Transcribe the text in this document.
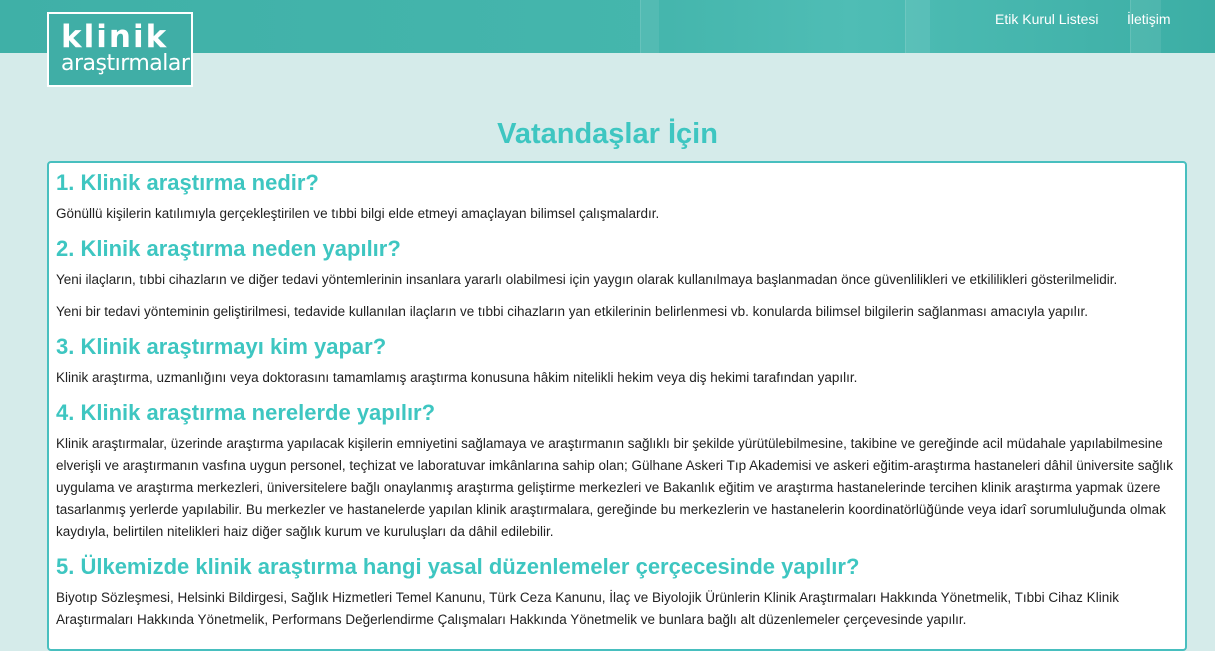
Etik Kurul Listesi İletişim
klinik
araştırmalar
Vatandaşlar İçin
1. Klinik araştırma nedir?

Gönüllü kişilerin katılımıyla gerçekleştirilen ve tıbbi bilgi elde etmeyi amaçlayan bilimsel çalışmalardır.

2. Klinik araştırma neden yapılır?

Yeni ilaçların, tıbbi cihazların ve diğer tedavi yöntemlerinin insanlara yararlı olabilmesi için yaygın olarak kullanılmaya başlanmadan önce güvenlilikleri ve etkililikleri gösterilmelidir.

Yeni bir tedavi yönteminin geliştirilmesi, tedavide kullanılan ilaçların ve tıbbi cihazların yan etkilerinin belirlenmesi vb. konularda bilimsel bilgilerin sağlanması amacıyla yapılır.

3. Klinik araştırmayı kim yapar?

Klinik araştırma, uzmanlığını veya doktorasını tamamlamış araştırma konusuna hâkim nitelikli hekim veya diş hekimi tarafından yapılır.

4. Klinik araştırma nerelerde yapılır?

Klinik araştırmalar, üzerinde araştırma yapılacak kişilerin emniyetini sağlamaya ve araştırmanın sağlıklı bir şekilde yürütülebilmesine, takibine ve gereğinde acil müdahale yapılabilmesine elverişli ve araştırmanın vasfına uygun personel, teçhizat ve laboratuvar imkânlarına sahip olan; Gülhane Askeri Tıp Akademisi ve askeri eğitim-araştırma hastaneleri dâhil üniversite sağlık uygulama ve araştırma merkezleri, üniversitelere bağlı onaylanmış araştırma geliştirme merkezleri ve Bakanlık eğitim ve araştırma hastanelerinde tercihen klinik araştırma yapmak üzere tasarlanmış yerlerde yapılabilir. Bu merkezler ve hastanelerde yapılan klinik araştırmalara, gereğinde bu merkezlerin ve hastanelerin koordinatörlüğünde veya idarî sorumluluğunda olmak kaydıyla, belirtilen nitelikleri haiz diğer sağlık kurum ve kuruluşları da dâhil edilebilir.

5. Ülkemizde klinik araştırma hangi yasal düzenlemeler çerçecesinde yapılır?

Biyotıp Sözleşmesi, Helsinki Bildirgesi, Sağlık Hizmetleri Temel Kanunu, Türk Ceza Kanunu, İlaç ve Biyolojik Ürünlerin Klinik Araştırmaları Hakkında Yönetmelik, Tıbbi Cihaz Klinik Araştırmaları Hakkında Yönetmelik, Performans Değerlendirme Çalışmaları Hakkında Yönetmelik ve bunlara bağlı alt düzenlemeler çerçevesinde yapılır.
